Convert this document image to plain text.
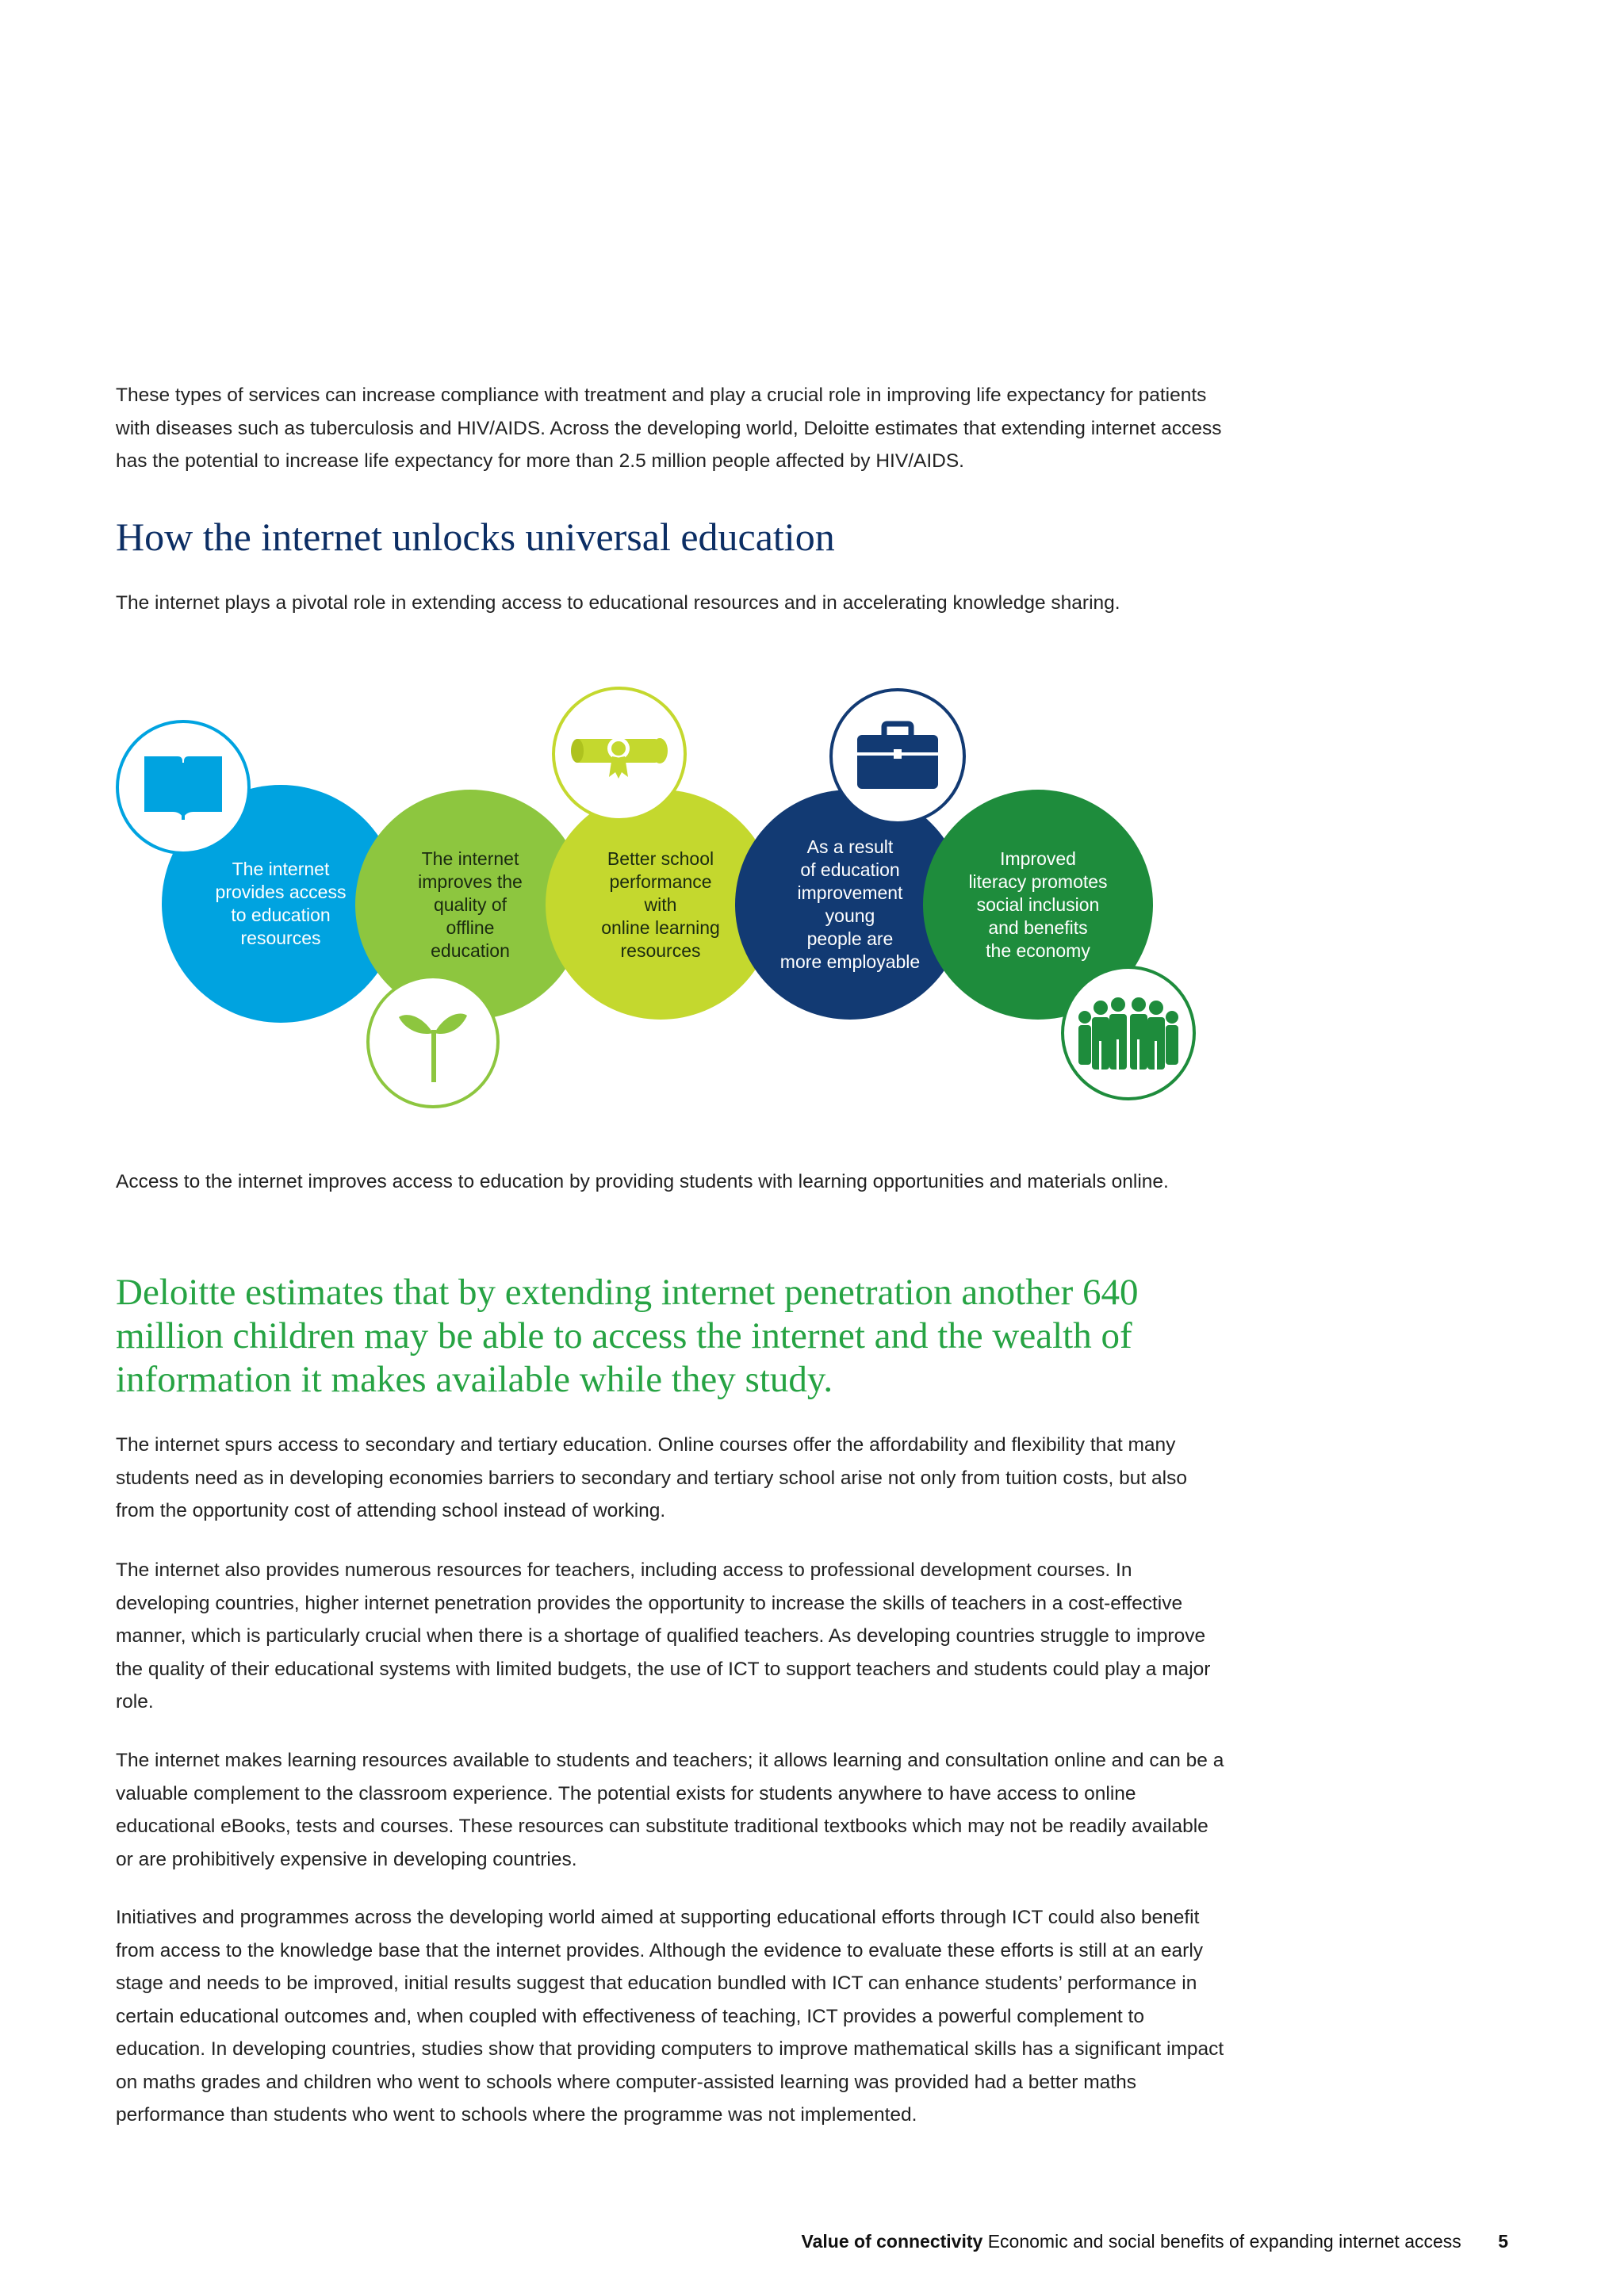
These types of services can increase compliance with treatment and play a crucial role in improving life expectancy for patients with diseases such as tuberculosis and HIV/AIDS. Across the developing world, Deloitte estimates that extending internet access has the potential to increase life expectancy for more than 2.5 million people affected by HIV/AIDS.

How the internet unlocks universal education

The internet plays a pivotal role in extending access to educational resources and in accelerating knowledge sharing.

The internet
provides access
to education
resources
The internet
improves the
quality of
offline
education
Better school
performance
with
online learning
resources
As a result
of education
improvement
young
people are
more employable
Improved
literacy promotes
social inclusion
and benefits
the economy

Access to the internet improves access to education by providing students with learning opportunities and materials online.

Deloitte estimates that by extending internet penetration another 640 million children may be able to access the internet and the wealth of information it makes available while they study.

The internet spurs access to secondary and tertiary education. Online courses offer the affordability and flexibility that many students need as in developing economies barriers to secondary and tertiary school arise not only from tuition costs, but also from the opportunity cost of attending school instead of working.

The internet also provides numerous resources for teachers, including access to professional development courses. In developing countries, higher internet penetration provides the opportunity to increase the skills of teachers in a cost-effective manner, which is particularly crucial when there is a shortage of qualified teachers. As developing countries struggle to improve the quality of their educational systems with limited budgets, the use of ICT to support teachers and students could play a major role.

The internet makes learning resources available to students and teachers; it allows learning and consultation online and can be a valuable complement to the classroom experience. The potential exists for students anywhere to have access to online educational eBooks, tests and courses. These resources can substitute traditional textbooks which may not be readily available or are prohibitively expensive in developing countries.

Initiatives and programmes across the developing world aimed at supporting educational efforts through ICT could also benefit from access to the knowledge base that the internet provides. Although the evidence to evaluate these efforts is still at an early stage and needs to be improved, initial results suggest that education bundled with ICT can enhance students’ performance in certain educational outcomes and, when coupled with effectiveness of teaching, ICT provides a powerful complement to education. In developing countries, studies show that providing computers to improve mathematical skills has a significant impact on maths grades and children who went to schools where computer-assisted learning was provided had a better maths performance than students who went to schools where the programme was not implemented.

Value of connectivity Economic and social benefits of expanding internet access 5
